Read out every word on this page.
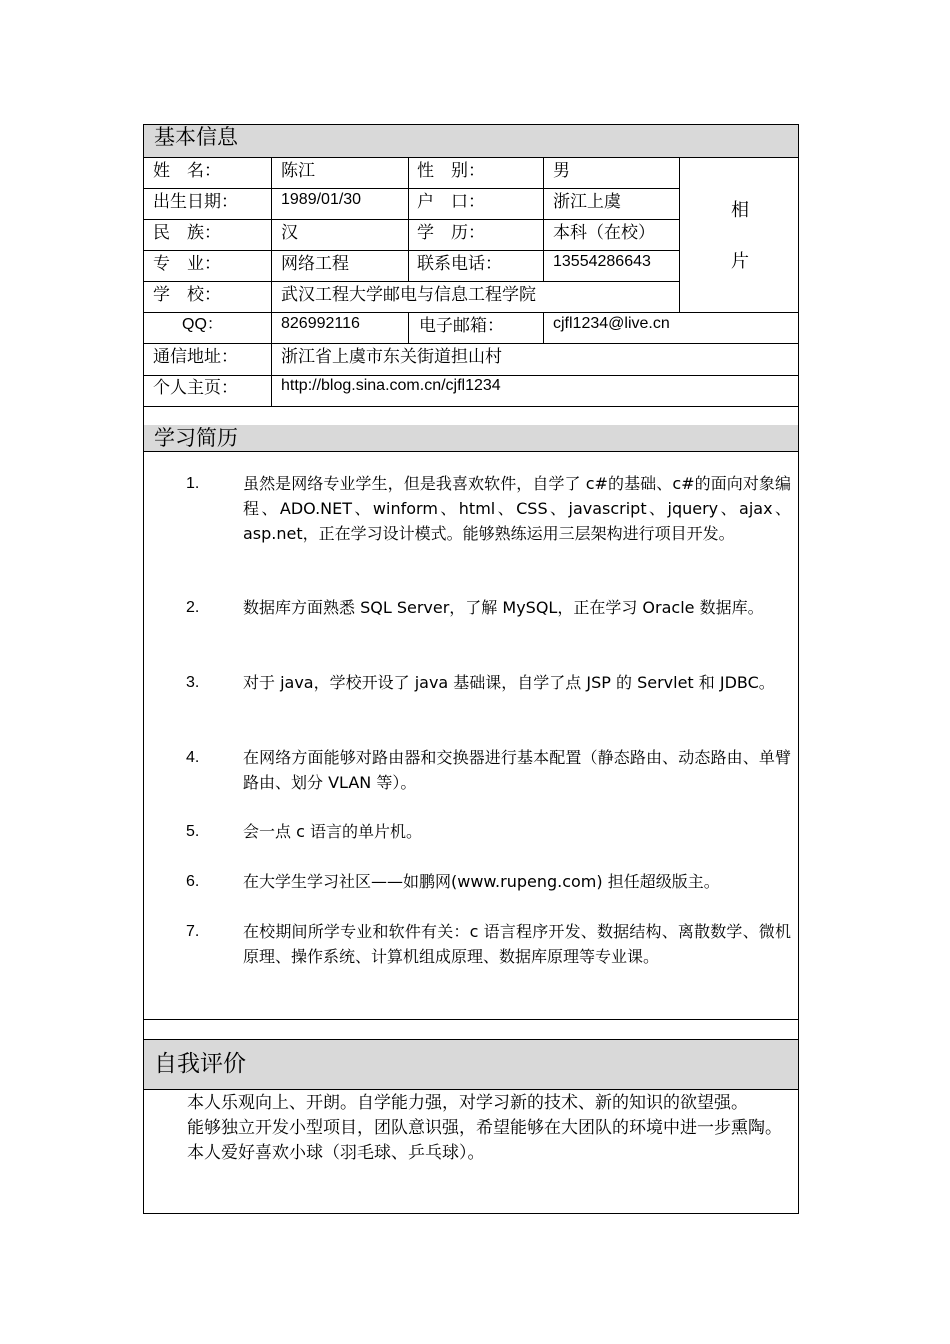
基本信息
姓　名：	陈江	性　别：	男
出生日期：	1989/01/30	户　口：	浙江上虞
民　族：	汉	学　历：	本科（在校）
专　业：	网络工程	联系电话：	13554286643
学　校：	武汉工程大学邮电与信息工程学院
相
片
QQ：	826992116	电子邮箱：	cjfl1234@live.cn
通信地址：	浙江省上虞市东关街道担山村
个人主页：	http://blog.sina.com.cn/cjfl1234
学习简历
1.	虽然是网络专业学生，但是我喜欢软件，自学了 c#的基础、c#的面向对象编程、ADO.NET、winform、html、CSS、javascript、jquery、ajax、asp.net，正在学习设计模式。能够熟练运用三层架构进行项目开发。
2.	数据库方面熟悉 SQL Server，了解 MySQL，正在学习 Oracle 数据库。
3.	对于 java，学校开设了 java 基础课，自学了点 JSP 的 Servlet 和 JDBC。
4.	在网络方面能够对路由器和交换器进行基本配置（静态路由、动态路由、单臂路由、划分 VLAN 等）。
5.	会一点 c 语言的单片机。
6.	在大学生学习社区——如鹏网(www.rupeng.com) 担任超级版主。
7.	在校期间所学专业和软件有关：c 语言程序开发、数据结构、离散数学、微机原理、操作系统、计算机组成原理、数据库原理等专业课。
自我评价

本人乐观向上、开朗。自学能力强，对学习新的技术、新的知识的欲望强。

能够独立开发小型项目，团队意识强，希望能够在大团队的环境中进一步熏陶。

本人爱好喜欢小球（羽毛球、乒乓球）。
